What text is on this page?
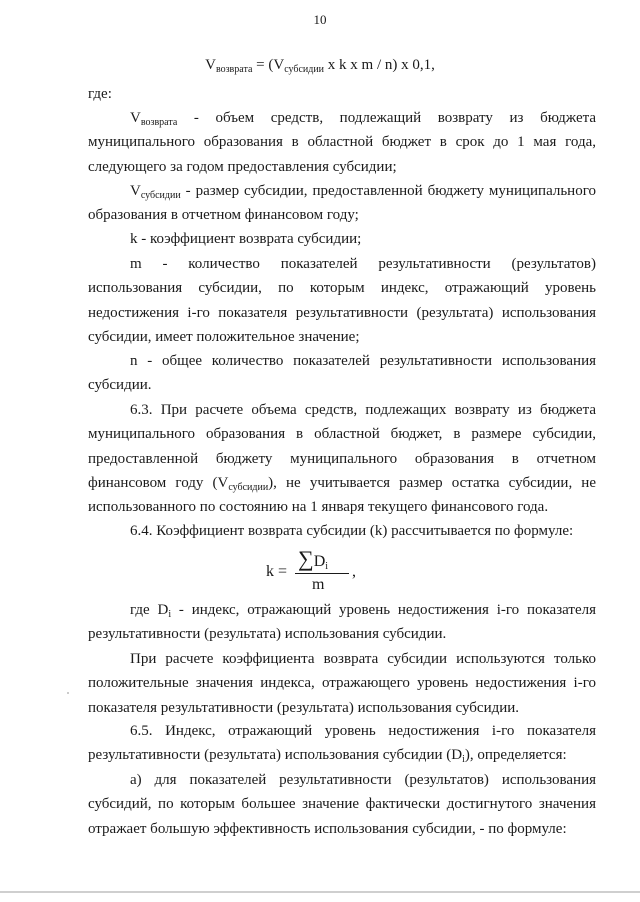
10
$V_{возврата} = (V_{субсидии}$ x k x m / n) x 0,1,

где:

$V_{возврата}$ - объем средств, подлежащий возврату из бюджета муниципального образования в областной бюджет в срок до 1 мая года, следующего за годом предоставления субсидии;

$V_{субсидии}$ - размер субсидии, предоставленной бюджету муниципального образования в отчетном финансовом году;

k - коэффициент возврата субсидии;

m - количество показателей результативности (результатов) использования субсидии, по которым индекс, отражающий уровень недостижения i-го показателя результативности (результата) использования субсидии, имеет положительное значение;

n - общее количество показателей результативности использования субсидии.

6.3. При расчете объема средств, подлежащих возврату из бюджета муниципального образования в областной бюджет, в размере субсидии, предоставленной бюджету муниципального образования в отчетном финансовом году $(V_{субсидии})$, не учитывается размер остатка субсидии, не использованного по состоянию на 1 января текущего финансового года.

6.4. Коэффициент возврата субсидии (k) рассчитывается по формуле:

k =
$\sum D_i$
m
,

где $D_i$ - индекс, отражающий уровень недостижения i-го показателя результативности (результата) использования субсидии.

При расчете коэффициента возврата субсидии используются только положительные значения индекса, отражающего уровень недостижения i-го показателя результативности (результата) использования субсидии.

6.5. Индекс, отражающий уровень недостижения i-го показателя результативности (результата) использования субсидии $(D_i)$, определяется:

а) для показателей результативности (результатов) использования субсидий, по которым большее значение фактически достигнутого значения отражает большую эффективность использования субсидии, - по формуле:
